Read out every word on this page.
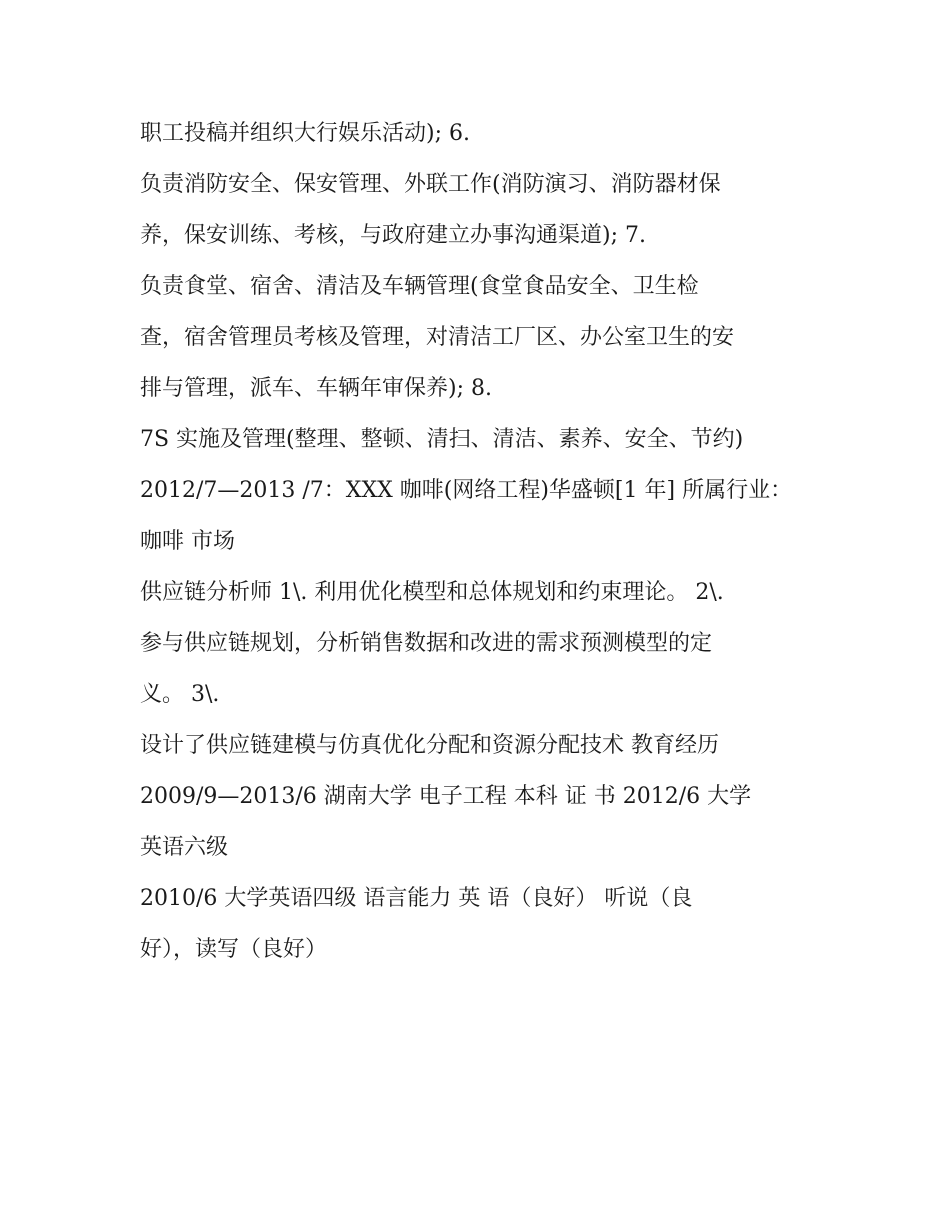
职工投稿并组织大行娱乐活动); 6.
负责消防安全、保安管理、外联工作(消防演习、消防器材保
养，保安训练、考核，与政府建立办事沟通渠道); 7.
负责食堂、宿舍、清洁及车辆管理(食堂食品安全、卫生检
查，宿舍管理员考核及管理，对清洁工厂区、办公室卫生的安
排与管理，派车、车辆年审保养); 8.
7S 实施及管理(整理、整顿、清扫、清洁、素养、安全、节约)
2012/7—2013 /7：XXX 咖啡(网络工程)华盛顿[1 年] 所属行业：
咖啡 市场
供应链分析师 1\. 利用优化模型和总体规划和约束理论。 2\.
参与供应链规划，分析销售数据和改进的需求预测模型的定
义。 3\.
设计了供应链建模与仿真优化分配和资源分配技术 教育经历
2009/9—2013/6 湖南大学 电子工程 本科 证 书 2012/6 大学
英语六级
2010/6 大学英语四级 语言能力 英 语（良好） 听说（良
好），读写（良好）
